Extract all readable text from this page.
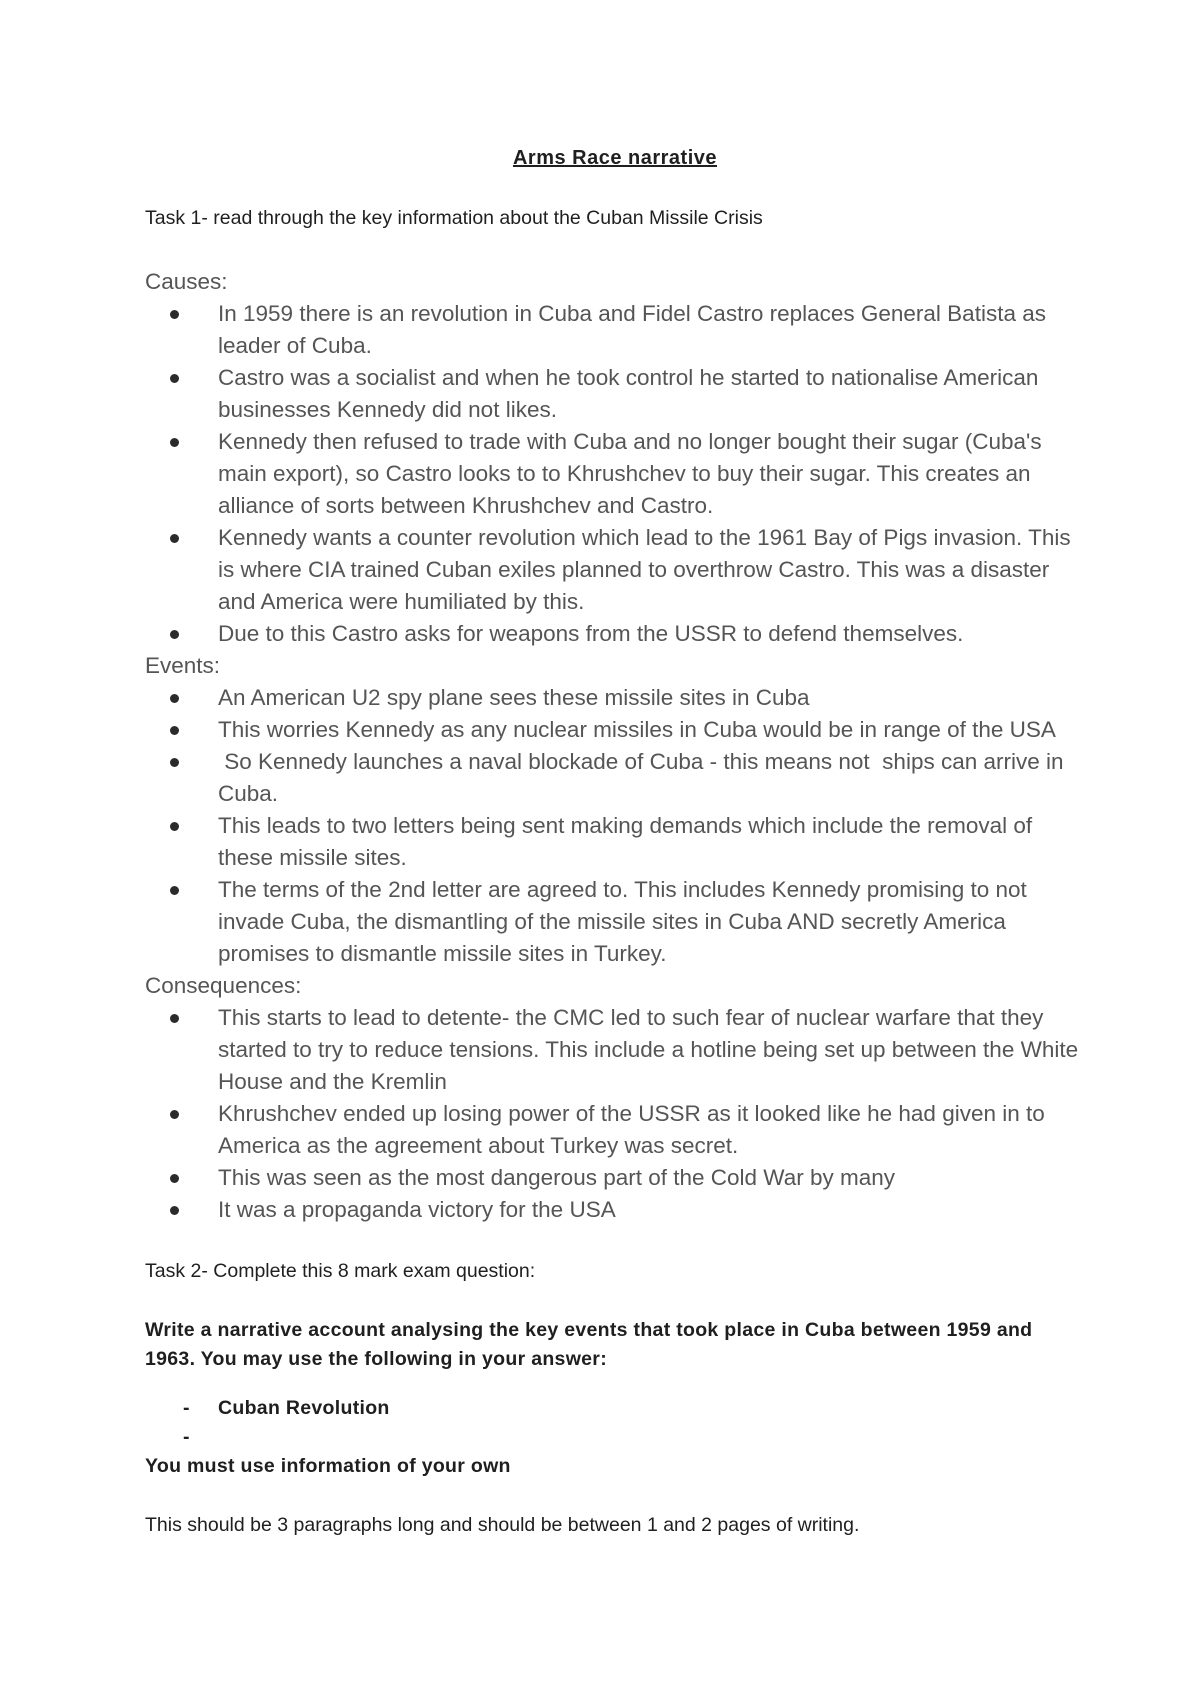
Arms Race narrative

Task 1- read through the key information about the Cuban Missile Crisis

Causes:

In 1959 there is an revolution in Cuba and Fidel Castro replaces General Batista as leader of Cuba.
Castro was a socialist and when he took control he started to nationalise American businesses Kennedy did not likes.
Kennedy then refused to trade with Cuba and no longer bought their sugar (Cuba's main export), so Castro looks to to Khrushchev to buy their sugar. This creates an alliance of sorts between Khrushchev and Castro.
Kennedy wants a counter revolution which lead to the 1961 Bay of Pigs invasion. This is where CIA trained Cuban exiles planned to overthrow Castro. This was a disaster and America were humiliated by this.
Due to this Castro asks for weapons from the USSR to defend themselves.

Events:

An American U2 spy plane sees these missile sites in Cuba
This worries Kennedy as any nuclear missiles in Cuba would be in range of the USA
So Kennedy launches a naval blockade of Cuba - this means not  ships can arrive in Cuba.
This leads to two letters being sent making demands which include the removal of these missile sites.
The terms of the 2nd letter are agreed to. This includes Kennedy promising to not invade Cuba, the dismantling of the missile sites in Cuba AND secretly America promises to dismantle missile sites in Turkey.

Consequences:

This starts to lead to detente- the CMC led to such fear of nuclear warfare that they started to try to reduce tensions. This include a hotline being set up between the White House and the Kremlin
Khrushchev ended up losing power of the USSR as it looked like he had given in to America as the agreement about Turkey was secret.
This was seen as the most dangerous part of the Cold War by many
It was a propaganda victory for the USA

Task 2- Complete this 8 mark exam question:

Write a narrative account analysing the key events that took place in Cuba between 1959 and 1963. You may use the following in your answer:

- Cuban Revolution
-

You must use information of your own

This should be 3 paragraphs long and should be between 1 and 2 pages of writing.
